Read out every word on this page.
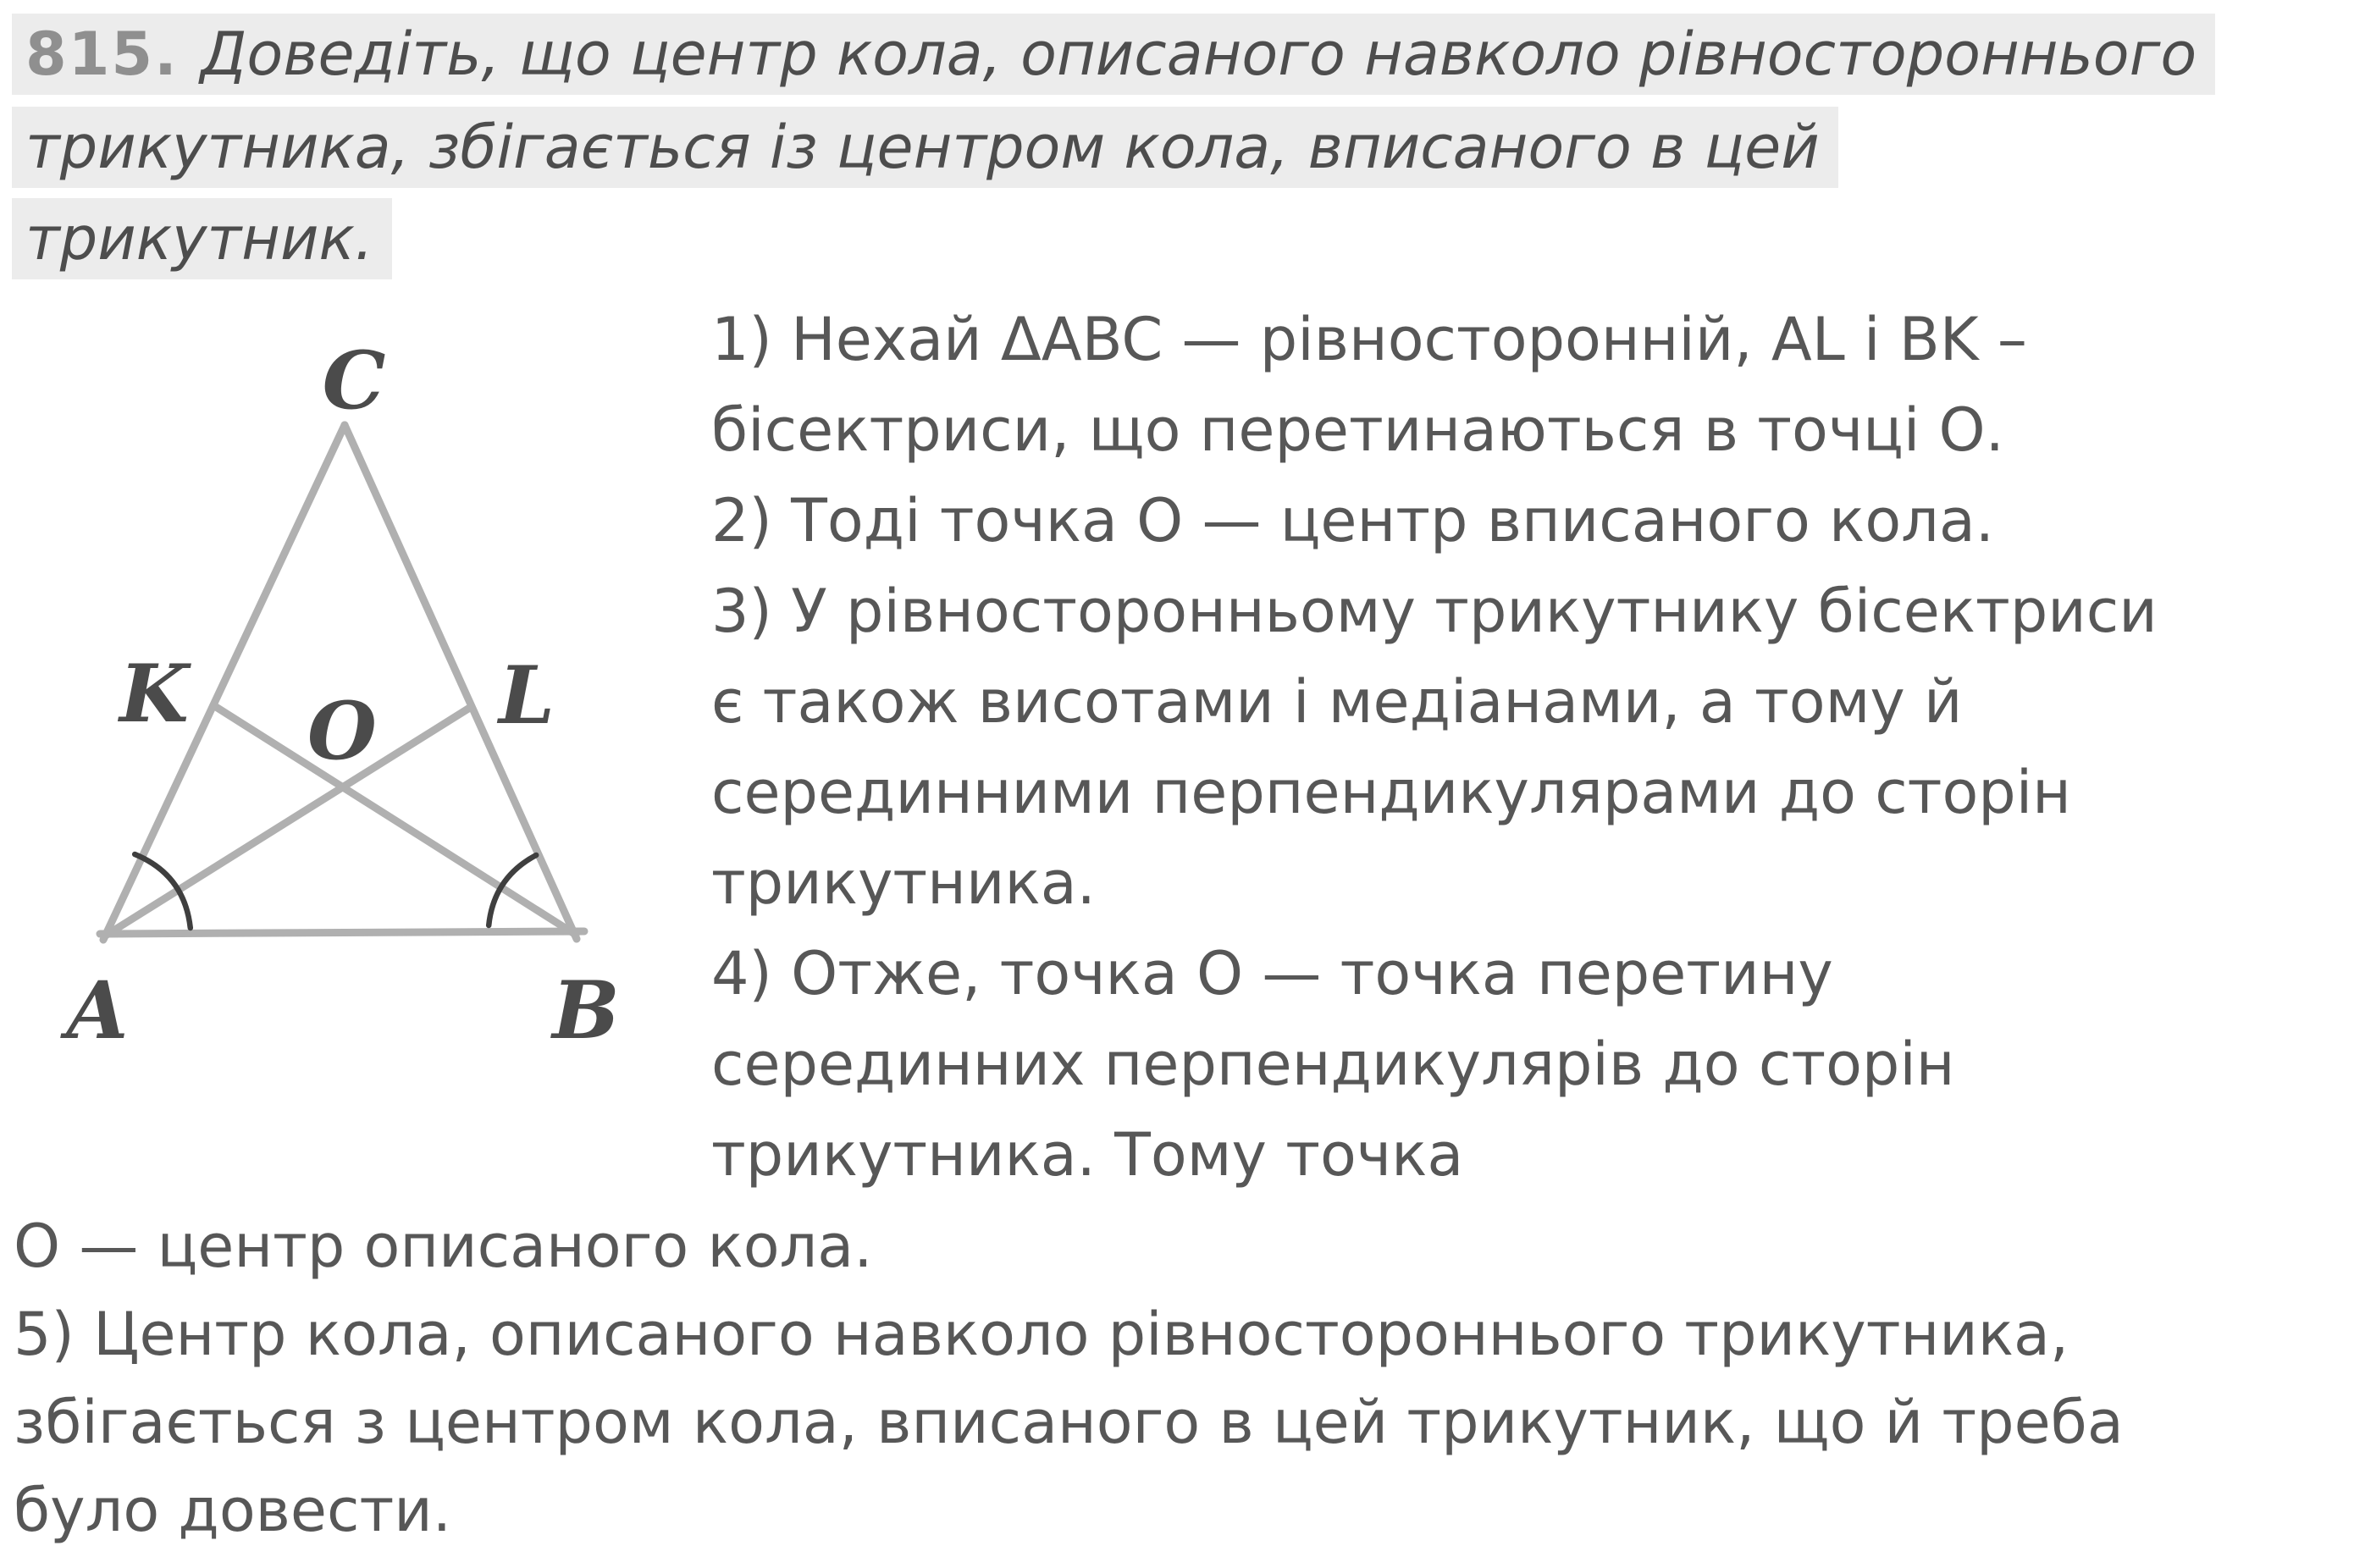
815. Доведіть, що центр кола, описаного навколо рівностороннього
трикутника, збігається із центром кола, вписаного в цей
трикутник.
A	B
C
K	L
O
1) Нехай ΔABC — рівносторонній, AL і BK –
бісектриси, що перетинаються в точці О.
2) Тоді точка О — центр вписаного кола.
3) У рівносторонньому трикутнику бісектриси
є також висотами і медіанами, а тому й
серединними перпендикулярами до сторін
трикутника.
4) Отже, точка О — точка перетину
серединних перпендикулярів до сторін
трикутника. Тому точка
О — центр описаного кола.
5) Центр кола, описаного навколо рівностороннього трикутника,
збігається з центром кола, вписаного в цей трикутник, що й треба
було довести.
